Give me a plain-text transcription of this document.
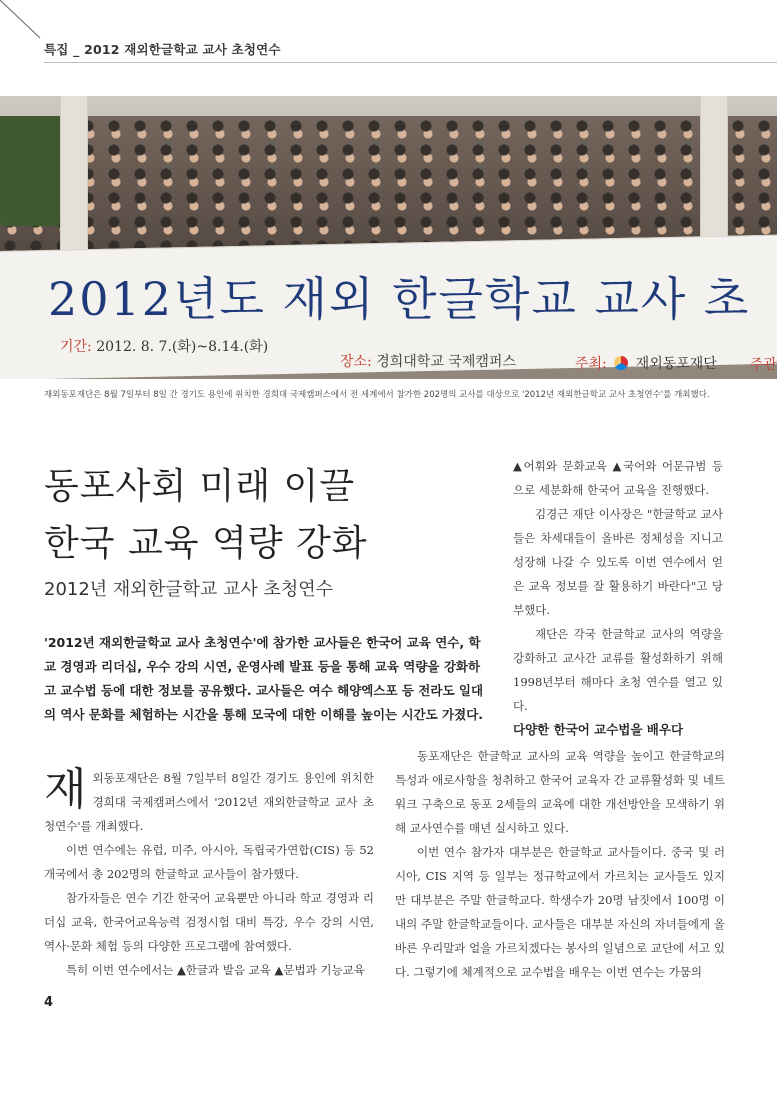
특집 _ 2012 재외한글학교 교사 초청연수
2012년도 재외 한글학교 교사 초
기간: 2012. 8. 7.(화)~8.14.(화)
장소: 경희대학교 국제캠퍼스	주최: 재외동포재단 주관
재외동포재단은 8월 7일부터 8일 간 경기도 용인에 위치한 경희대 국제캠퍼스에서 전 세계에서 참가한 202명의 교사를 대상으로 '2012년 재외한글학교 교사 초청연수'를 개최했다.
동포사회 미래 이끌
한국 교육 역량 강화
2012년 재외한글학교 교사 초청연수
'2012년 재외한글학교 교사 초청연수'에 참가한 교사들은 한국어 교육 연수, 학교 경영과 리더십, 우수 강의 시연, 운영사례 발표 등을 통해 교육 역량을 강화하고 교수법 등에 대한 정보를 공유했다. 교사들은 여수 해양엑스포 등 전라도 일대의 역사 문화를 체험하는 시간을 통해 모국에 대한 이해를 높이는 시간도 가졌다.

▲어휘와 문화교육 ▲국어와 어문규범 등으로 세분화해 한국어 교육을 진행했다.

김경근 재단 이사장은 "한글학교 교사들은 차세대들이 올바른 정체성을 지니고 성장해 나갈 수 있도록 이번 연수에서 얻은 교육 정보를 잘 활용하기 바란다"고 당부했다.

재단은 각국 한글학교 교사의 역량을 강화하고 교사간 교류를 활성화하기 위해 1998년부터 해마다 초청 연수를 열고 있다.

다양한 한국어 교수법을 배우다

동포재단은 한글학교 교사의 교육 역량을 높이고 한글학교의 특성과 애로사항을 청취하고 한국어 교육자 간 교류활성화 및 네트워크 구축으로 동포 2세들의 교육에 대한 개선방안을 모색하기 위해 교사연수를 매년 실시하고 있다.

이번 연수 참가자 대부분은 한글학교 교사들이다. 중국 및 러시아, CIS 지역 등 일부는 정규학교에서 가르치는 교사들도 있지만 대부분은 주말 한글학교다. 학생수가 20명 남짓에서 100명 이내의 주말 한글학교들이다. 교사들은 대부분 자신의 자녀들에게 올바른 우리말과 얼을 가르치겠다는 봉사의 일념으로 교단에 서고 있다. 그렇기에 체계적으로 교수법을 배우는 이번 연수는 가뭄의

재외동포재단은 8월 7일부터 8일간 경기도 용인에 위치한 경희대 국제캠퍼스에서 '2012년 재외한글학교 교사 초청연수'를 개최했다.

이번 연수에는 유럽, 미주, 아시아, 독립국가연합(CIS) 등 52개국에서 총 202명의 한글학교 교사들이 참가했다.

참가자들은 연수 기간 한국어 교육뿐만 아니라 학교 경영과 리더십 교육, 한국어교육능력 검정시험 대비 특강, 우수 강의 시연, 역사·문화 체험 등의 다양한 프로그램에 참여했다.

특히 이번 연수에서는 ▲한글과 발음 교육 ▲문법과 기능교육

4
